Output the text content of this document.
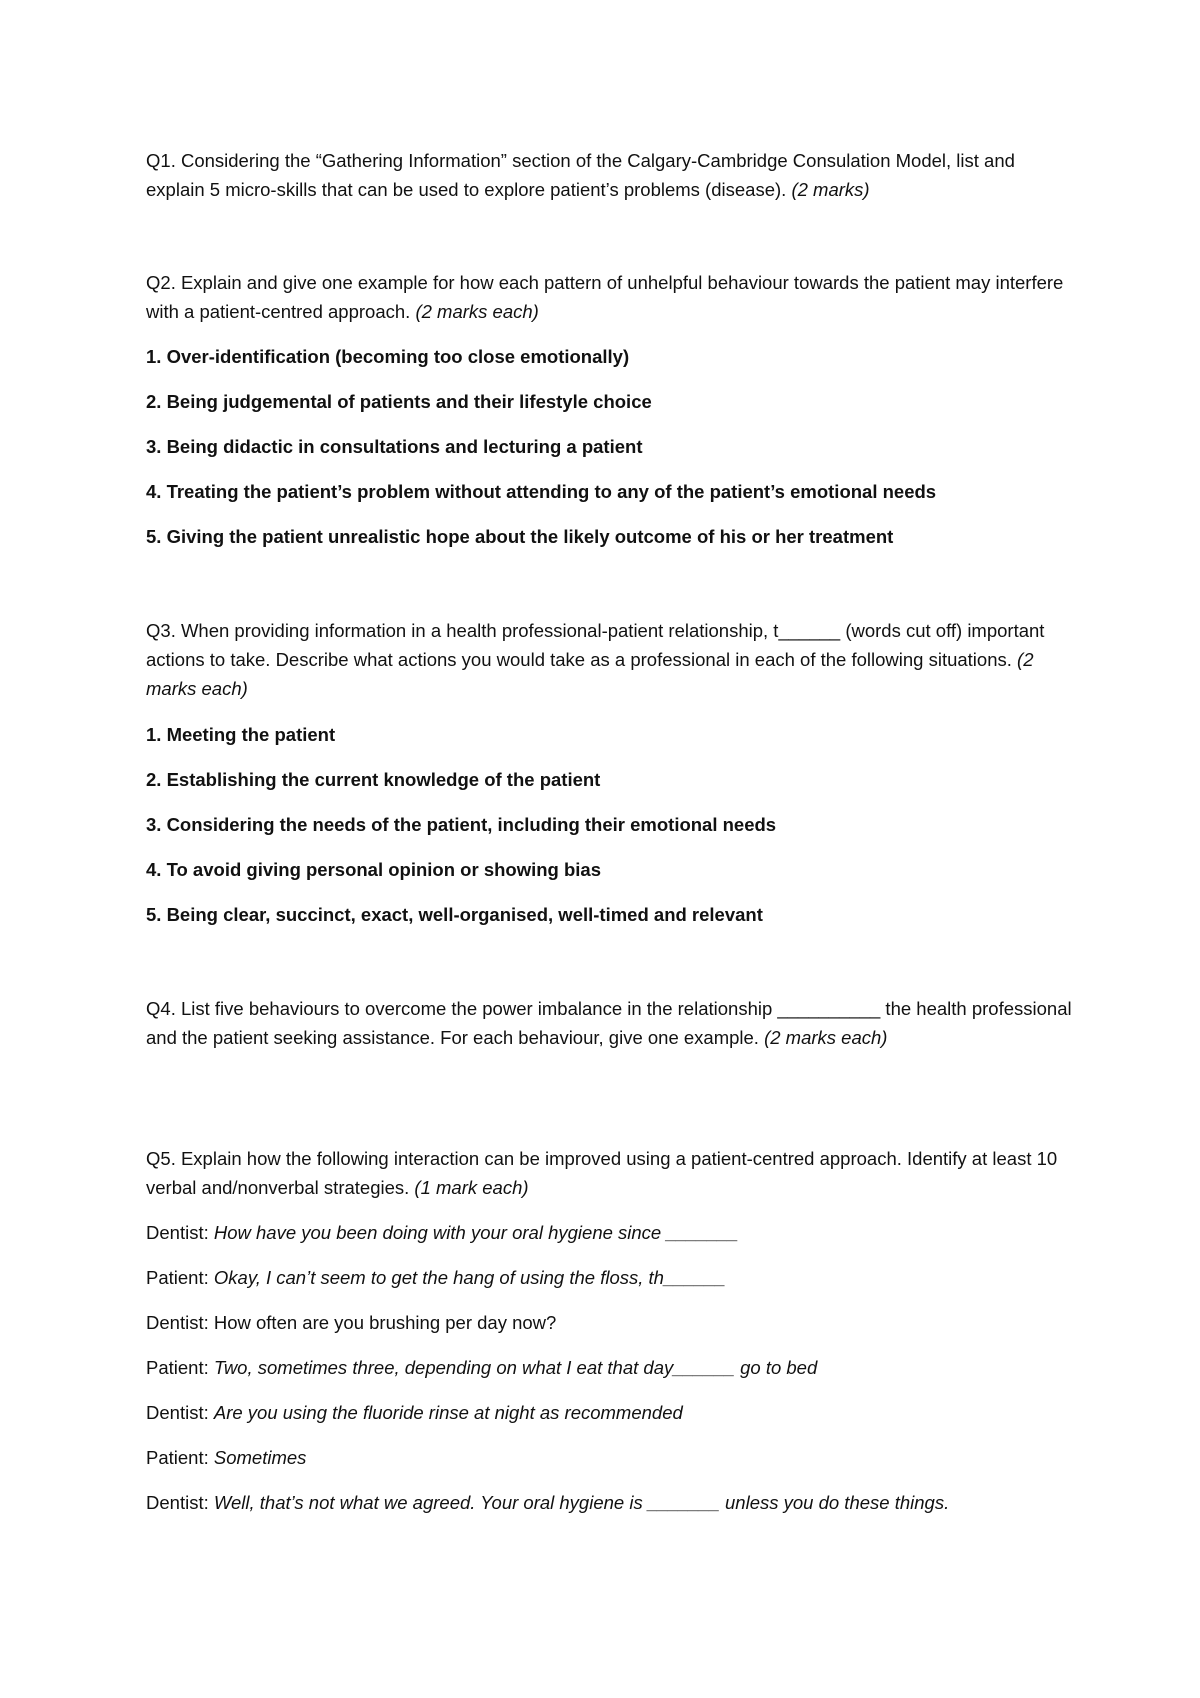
Q1. Considering the “Gathering Information” section of the Calgary-Cambridge Consulation Model, list and explain 5 micro-skills that can be used to explore patient’s problems (disease). (2 marks)

Q2. Explain and give one example for how each pattern of unhelpful behaviour towards the patient may interfere with a patient-centred approach. (2 marks each)

1. Over-identification (becoming too close emotionally)

2. Being judgemental of patients and their lifestyle choice

3. Being didactic in consultations and lecturing a patient

4. Treating the patient’s problem without attending to any of the patient’s emotional needs

5. Giving the patient unrealistic hope about the likely outcome of his or her treatment

Q3. When providing information in a health professional-patient relationship, t______ (words cut off) important actions to take. Describe what actions you would take as a professional in each of the following situations. (2 marks each)

1. Meeting the patient

2. Establishing the current knowledge of the patient

3. Considering the needs of the patient, including their emotional needs

4. To avoid giving personal opinion or showing bias

5. Being clear, succinct, exact, well-organised, well-timed and relevant

Q4. List five behaviours to overcome the power imbalance in the relationship __________ the health professional and the patient seeking assistance. For each behaviour, give one example. (2 marks each)

Q5. Explain how the following interaction can be improved using a patient-centred approach. Identify at least 10 verbal and/nonverbal strategies. (1 mark each)

Dentist: How have you been doing with your oral hygiene since _______

Patient: Okay, I can’t seem to get the hang of using the floss, th______

Dentist: How often are you brushing per day now?

Patient: Two, sometimes three, depending on what I eat that day______ go to bed

Dentist: Are you using the fluoride rinse at night as recommended

Patient: Sometimes

Dentist: Well, that’s not what we agreed. Your oral hygiene is _______ unless you do these things.
